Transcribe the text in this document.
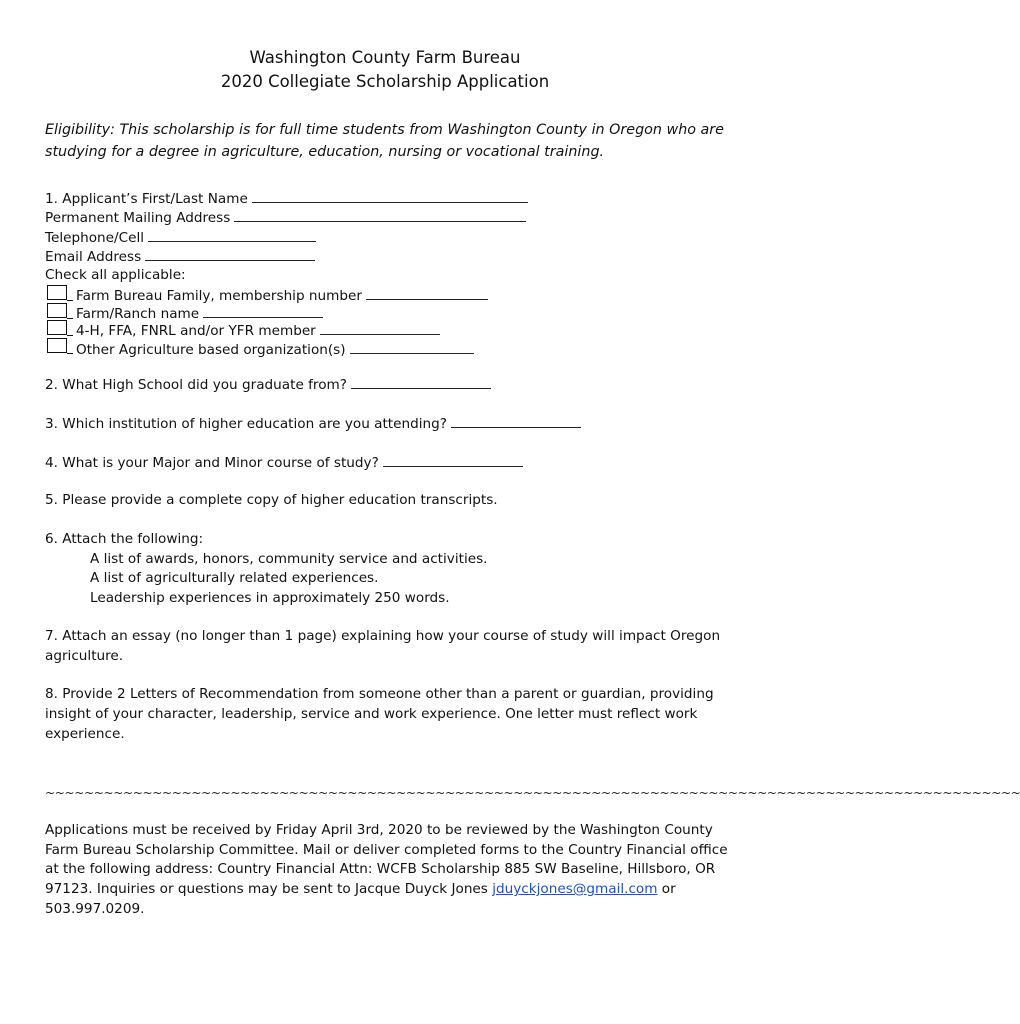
Washington County Farm Bureau
2020 Collegiate Scholarship Application
Eligibility: This scholarship is for full time students from Washington County in Oregon who are
studying for a degree in agriculture, education, nursing or vocational training.
1. Applicant’s First/Last Name
Permanent Mailing Address
Telephone/Cell
Email Address
Check all applicable:
Farm Bureau Family, membership number
Farm/Ranch name
4-H, FFA, FNRL and/or YFR member
Other Agriculture based organization(s)
2. What High School did you graduate from?
3. Which institution of higher education are you attending?
4. What is your Major and Minor course of study?
5. Please provide a complete copy of higher education transcripts.
6. Attach the following:
A list of awards, honors, community service and activities.
A list of agriculturally related experiences.
Leadership experiences in approximately 250 words.
7. Attach an essay (no longer than 1 page) explaining how your course of study will impact Oregon
agriculture.
8. Provide 2 Letters of Recommendation from someone other than a parent or guardian, providing
insight of your character, leadership, service and work experience. One letter must reflect work
experience.
~~~~~~~~~~~~~~~~~~~~~~~~~~~~~~~~~~~~~~~~~~~~~~~~~~~~~~~~~~~~~~~~~~~~~~~~~~~~~~~~~~~~~~~~~~~~~~~~~~~~
Applications must be received by Friday April 3rd, 2020 to be reviewed by the Washington County
Farm Bureau Scholarship Committee. Mail or deliver completed forms to the Country Financial office
at the following address: Country Financial Attn: WCFB Scholarship 885 SW Baseline, Hillsboro, OR
97123. Inquiries or questions may be sent to Jacque Duyck Jones jduyckjones@gmail.com or
503.997.0209.
